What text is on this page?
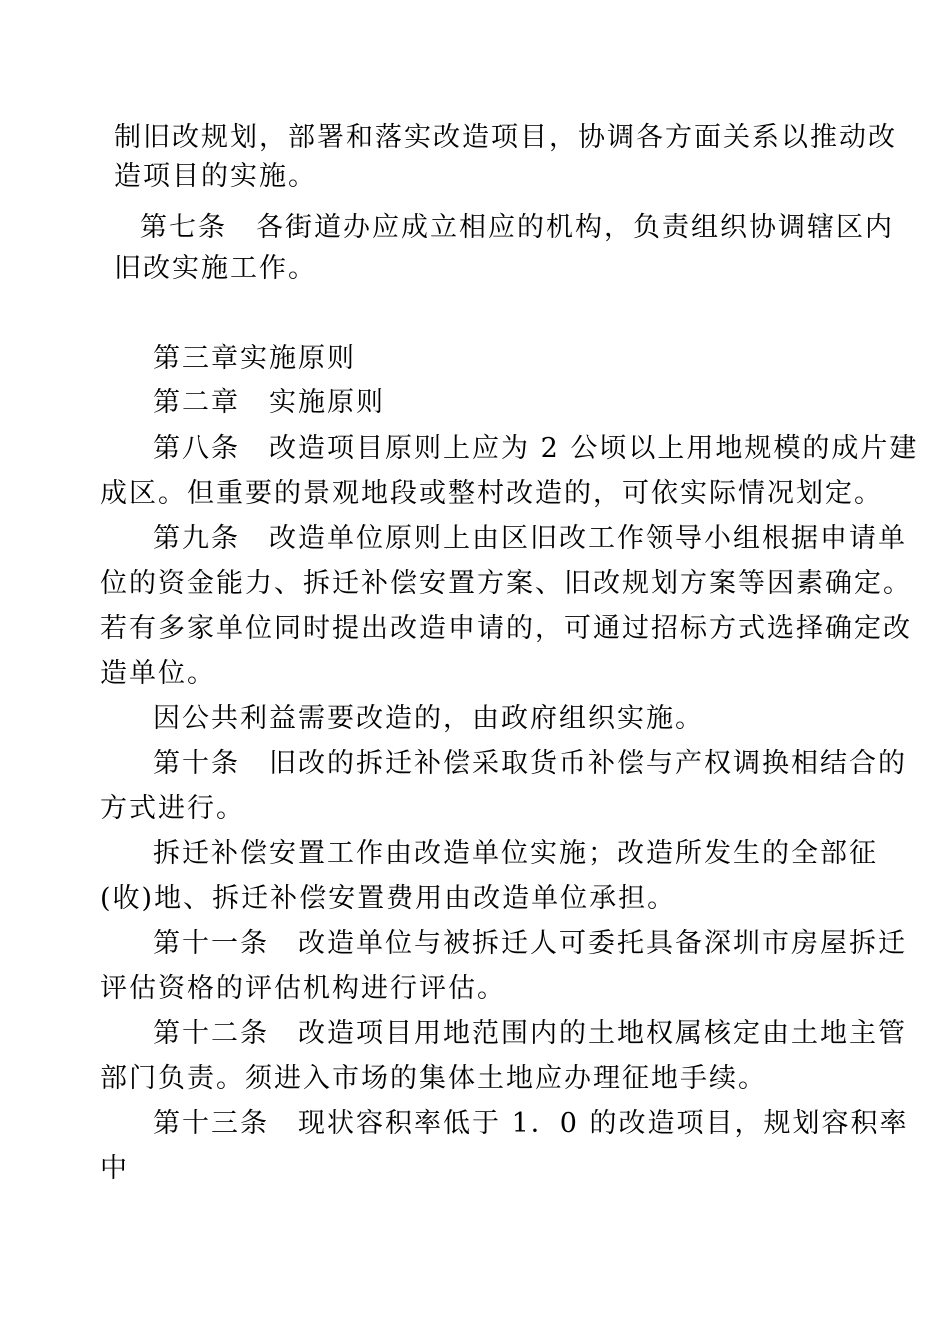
制旧改规划，部署和落实改造项目，协调各方面关系以推动改

造项目的实施。

第七条　各街道办应成立相应的机构，负责组织协调辖区内

旧改实施工作。

第三章实施原则

第二章　实施原则

第八条　改造项目原则上应为 2 公顷以上用地规模的成片建

成区。但重要的景观地段或整村改造的，可依实际情况划定。

第九条　改造单位原则上由区旧改工作领导小组根据申请单

位的资金能力、拆迁补偿安置方案、旧改规划方案等因素确定。

若有多家单位同时提出改造申请的，可通过招标方式选择确定改

造单位。

因公共利益需要改造的，由政府组织实施。

第十条　旧改的拆迁补偿采取货币补偿与产权调换相结合的

方式进行。

拆迁补偿安置工作由改造单位实施；改造所发生的全部征

(收)地、拆迁补偿安置费用由改造单位承担。

第十一条　改造单位与被拆迁人可委托具备深圳市房屋拆迁

评估资格的评估机构进行评估。

第十二条　改造项目用地范围内的土地权属核定由土地主管

部门负责。须进入市场的集体土地应办理征地手续。

第十三条　现状容积率低于 1．0 的改造项目，规划容积率

中
